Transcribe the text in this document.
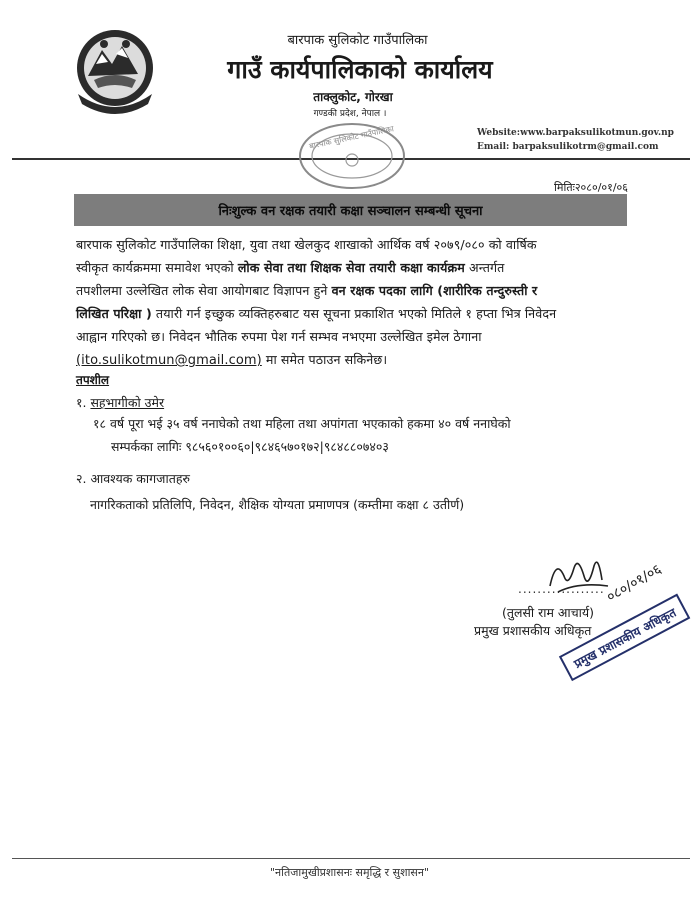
बारपाक सुलिकोट गाउँपालिका
गाउँ कार्यपालिकाको कार्यालय
ताक्लुकोट, गोरखा
गण्डकी प्रदेश, नेपाल ।
Website:www.barpaksulikotmun.gov.np
Email: barpaksulikotrm@gmail.com
बारपाक सुलिकोट गाउँपालिका
मितिः२०८०/०१/०६
निःशुल्क वन रक्षक तयारी कक्षा सञ्चालन सम्बन्धी सूचना
बारपाक सुलिकोट गाउँपालिका शिक्षा, युवा तथा खेलकुद शाखाको आर्थिक वर्ष २०७९/०८० को वार्षिक
स्वीकृत कार्यक्रममा समावेश भएको लोक सेवा तथा शिक्षक सेवा तयारी कक्षा कार्यक्रम अन्तर्गत
तपशीलमा उल्लेखित लोक सेवा आयोगबाट विज्ञापन हुने वन रक्षक पदका लागि (शारीरिक तन्दुरुस्ती र
लिखित परिक्षा ) तयारी गर्न इच्छुक व्यक्तिहरुबाट यस सूचना प्रकाशित भएको मितिले १ हप्ता भित्र निवेदन
आह्वान गरिएको छ। निवेदन भौतिक रुपमा पेश गर्न सम्भव नभएमा उल्लेखित इमेल ठेगाना
(ito.sulikotmun@gmail.com) मा समेत पठाउन सकिनेछ।
तपशील
१. सहभागीको उमेर
१८ वर्ष पूरा भई ३५ वर्ष ननाघेको तथा महिला तथा अपांगता भएकाको हकमा ४० वर्ष ननाघेको
सम्पर्कका लागिः ९८५६०१००६०|९८४६५७०१७२|९८४८८०७४०३
२. आवश्यक कागजातहरु
नागरिकताको प्रतिलिपि, निवेदन, शैक्षिक योग्यता प्रमाणपत्र (कम्तीमा कक्षा ८ उतीर्ण)
०८०/०१/०६
..................
(तुलसी राम आचार्य)
प्रमुख प्रशासकीय अधिकृत
प्रमुख प्रशासकीय अधिकृत
"नतिजामुखीप्रशासनः समृद्धि र सुशासन"
